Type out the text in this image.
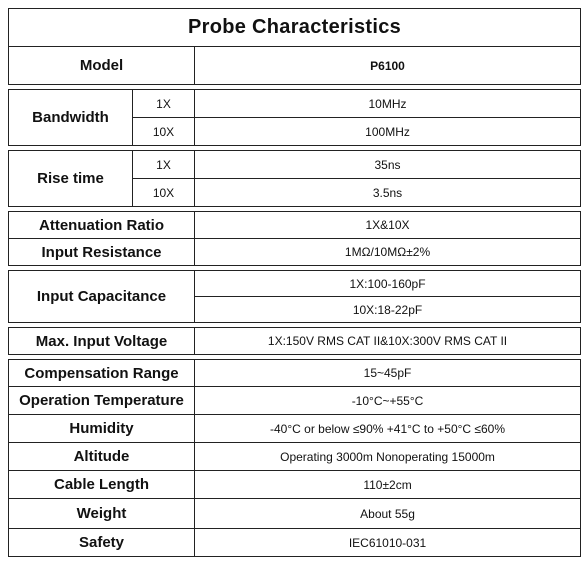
Probe Characteristics		
Model		P6100

Bandwidth	1X	10MHz
	10X	100MHz

Rise time	1X	35ns
	10X	3.5ns

Attenuation Ratio		1X&10X
Input Resistance		1MΩ/10MΩ±2%

Input Capacitance		1X:100-160pF
		10X:18-22pF

Max. Input Voltage		1X:150V RMS CAT II&10X:300V RMS CAT II

Compensation Range		15~45pF
Operation Temperature		-10°C~+55°C
Humidity		-40°C or below ≤90% +41°C to +50°C ≤60%
Altitude		Operating 3000m Nonoperating 15000m
Cable Length		110±2cm
Weight		About 55g
Safety		IEC61010-031
